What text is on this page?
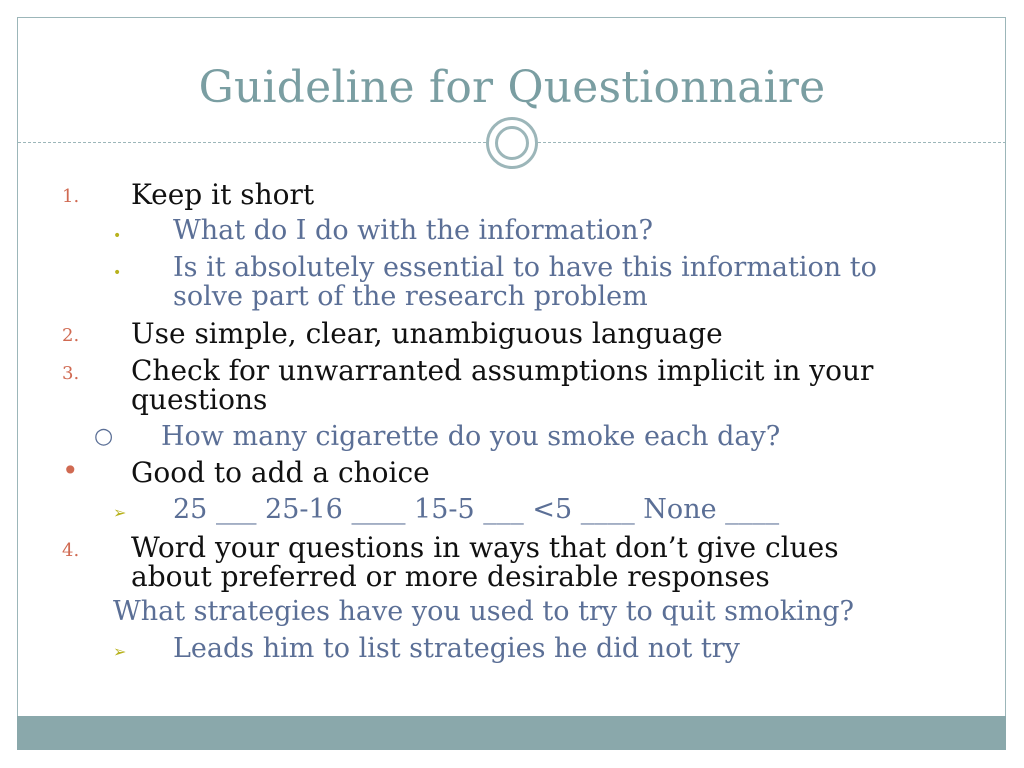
Guideline for Questionnaire
1. Keep it short
• What do I do with the information?
• Is it absolutely essential to have this information to
solve part of the research problem
2. Use simple, clear, unambiguous language
3. Check for unwarranted assumptions implicit in your
questions
○ How many cigarette do you smoke each day?
• Good to add a choice
➢ 25 ___ 25-16 ____ 15-5 ___ <5 ____ None ____
4. Word your questions in ways that don’t give clues
about preferred or more desirable responses
What strategies have you used to try to quit smoking?
➢ Leads him to list strategies he did not try
